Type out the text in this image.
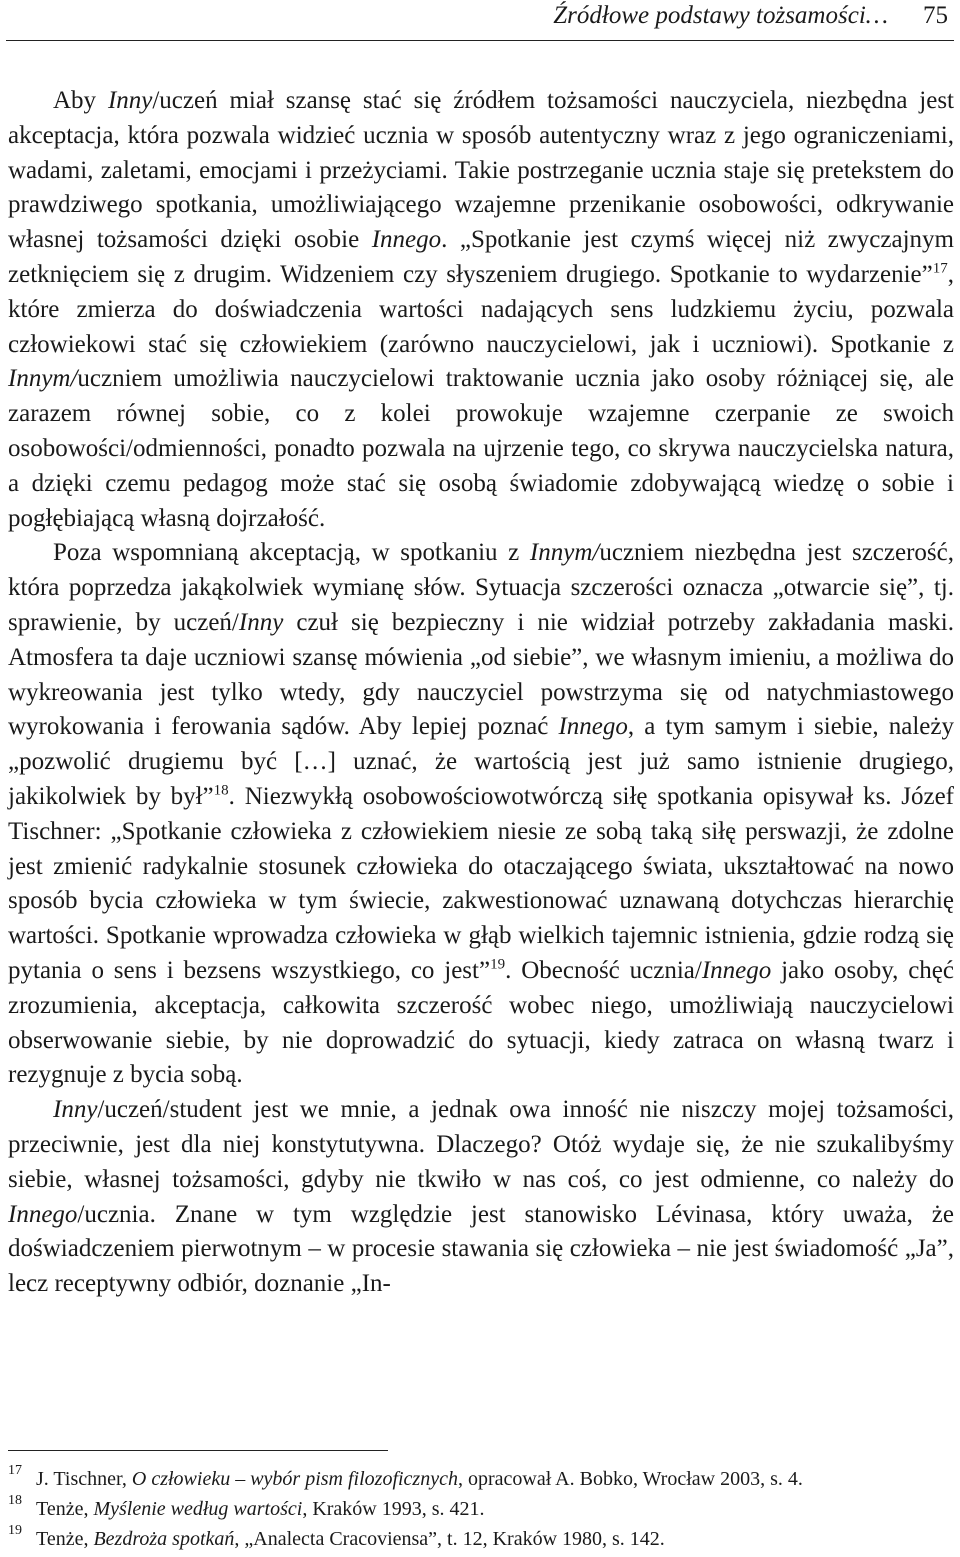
Źródłowe podstawy tożsamości… 75

Aby Inny/uczeń miał szansę stać się źródłem tożsamości nauczyciela, niezbędna jest akceptacja, która pozwala widzieć ucznia w sposób autentyczny wraz z jego ograniczeniami, wadami, zaletami, emocjami i przeżyciami. Takie postrzeganie ucznia staje się pretekstem do prawdziwego spotkania, umożliwiającego wzajemne przenikanie osobowości, odkrywanie własnej tożsamości dzięki osobie Innego. „Spotkanie jest czymś więcej niż zwyczajnym zetknięciem się z drugim. Widzeniem czy słyszeniem drugiego. Spotkanie to wydarzenie”$^{17}$, które zmierza do doświadczenia wartości nadających sens ludzkiemu życiu, pozwala człowiekowi stać się człowiekiem (zarówno nauczycielowi, jak i uczniowi). Spotkanie z Innym/uczniem umożliwia nauczycielowi traktowanie ucznia jako osoby różniącej się, ale zarazem równej sobie, co z kolei prowokuje wzajemne czerpanie ze swoich osobowości/odmienności, ponadto pozwala na ujrzenie tego, co skrywa nauczycielska natura, a dzięki czemu pedagog może stać się osobą świadomie zdobywającą wiedzę o sobie i pogłębiającą własną dojrzałość.

Poza wspomnianą akceptacją, w spotkaniu z Innym/uczniem niezbędna jest szczerość, która poprzedza jakąkolwiek wymianę słów. Sytuacja szczerości oznacza „otwarcie się”, tj. sprawienie, by uczeń/Inny czuł się bezpieczny i nie widział potrzeby zakładania maski. Atmosfera ta daje uczniowi szansę mówienia „od siebie”, we własnym imieniu, a możliwa do wykreowania jest tylko wtedy, gdy nauczyciel powstrzyma się od natychmiastowego wyrokowania i ferowania sądów. Aby lepiej poznać Innego, a tym samym i siebie, należy „pozwolić drugiemu być […] uznać, że wartością jest już samo istnienie drugiego, jakikolwiek by był”$^{18}$. Niezwykłą osobowościowotwórczą siłę spotkania opisywał ks. Józef Tischner: „Spotkanie człowieka z człowiekiem niesie ze sobą taką siłę perswazji, że zdolne jest zmienić radykalnie stosunek człowieka do otaczającego świata, ukształtować na nowo sposób bycia człowieka w tym świecie, zakwestionować uznawaną dotychczas hierarchię wartości. Spotkanie wprowadza człowieka w głąb wielkich tajemnic istnienia, gdzie rodzą się pytania o sens i bezsens wszystkiego, co jest”$^{19}$. Obecność ucznia/Innego jako osoby, chęć zrozumienia, akceptacja, całkowita szczerość wobec niego, umożliwiają nauczycielowi obserwowanie siebie, by nie doprowadzić do sytuacji, kiedy zatraca on własną twarz i rezygnuje z bycia sobą.

Inny/uczeń/student jest we mnie, a jednak owa inność nie niszczy mojej tożsamości, przeciwnie, jest dla niej konstytutywna. Dlaczego? Otóż wydaje się, że nie szukalibyśmy siebie, własnej tożsamości, gdyby nie tkwiło w nas coś, co jest odmienne, co należy do Innego/ucznia. Znane w tym względzie jest stanowisko Lévinasa, który uważa, że doświadczeniem pierwotnym – w procesie stawania się człowieka – nie jest świadomość „Ja”, lecz receptywny odbiór, doznanie „In-

17 J. Tischner, O człowieku – wybór pism filozoficznych, opracował A. Bobko, Wrocław 2003, s. 4.
18 Tenże, Myślenie według wartości, Kraków 1993, s. 421.
19 Tenże, Bezdroża spotkań, „Analecta Cracoviensa”, t. 12, Kraków 1980, s. 142.
